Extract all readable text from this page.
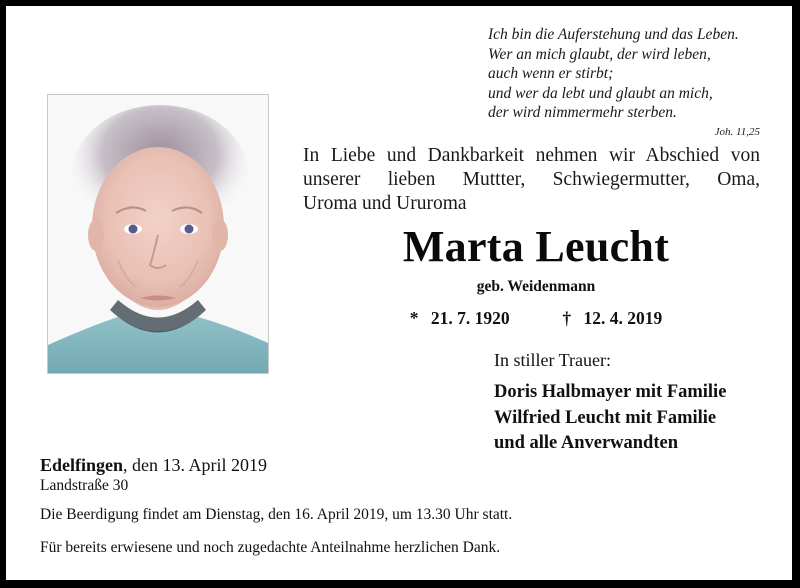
Ich bin die Auferstehung und das Leben.
Wer an mich glaubt, der wird leben,
auch wenn er stirbt;
und wer da lebt und glaubt an mich,
der wird nimmermehr sterben.
Joh. 11,25
In Liebe und Dankbarkeit nehmen wir Abschied von
unserer lieben Muttter, Schwiegermutter, Oma,
Uroma und Ururoma
Marta Leucht
geb. Weidenmann
* 21. 7. 1920	† 12. 4. 2019
In stiller Trauer:
Doris Halbmayer mit Familie
Wilfried Leucht mit Familie
und alle Anverwandten
Edelfingen, den 13. April 2019
Landstraße 30
Die Beerdigung findet am Dienstag, den 16. April 2019, um 13.30 Uhr statt.
Für bereits erwiesene und noch zugedachte Anteilnahme herzlichen Dank.
